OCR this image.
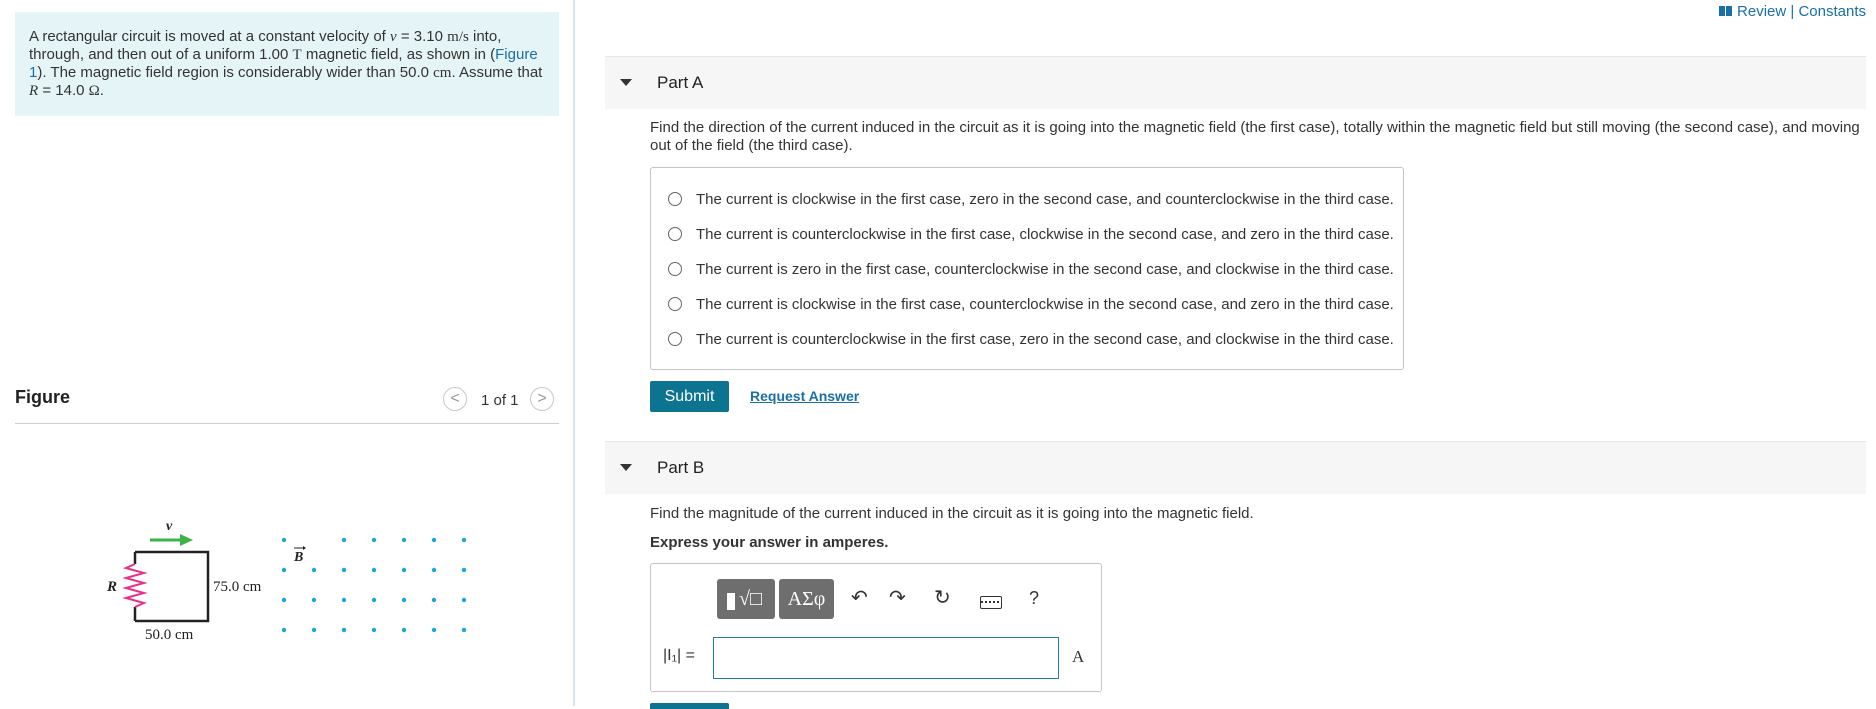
A rectangular circuit is moved at a constant velocity of v = 3.10 m/s into, through, and then out of a uniform 1.00 T magnetic field, as shown in (Figure 1). The magnetic field region is considerably wider than 50.0 cm. Assume that R = 14.0 Ω.
Figure	<	1 of 1	>
v
R	75.0 cm
50.0 cm
B
Review | Constants
Part A
Find the direction of the current induced in the circuit as it is going into the magnetic field (the first case), totally within the magnetic field but still moving (the second case), and moving out of the field (the third case).
The current is clockwise in the first case, zero in the second case, and counterclockwise in the third case.
The current is counterclockwise in the first case, clockwise in the second case, and zero in the third case.
The current is zero in the first case, counterclockwise in the second case, and clockwise in the third case.
The current is clockwise in the first case, counterclockwise in the second case, and zero in the third case.
The current is counterclockwise in the first case, zero in the second case, and clockwise in the third case.
Submit	Request Answer
Part B
Find the magnitude of the current induced in the circuit as it is going into the magnetic field.
Express your answer in amperes.
√□	ΑΣφ	↶ ↷ ↻	?
|I₁| =	A
